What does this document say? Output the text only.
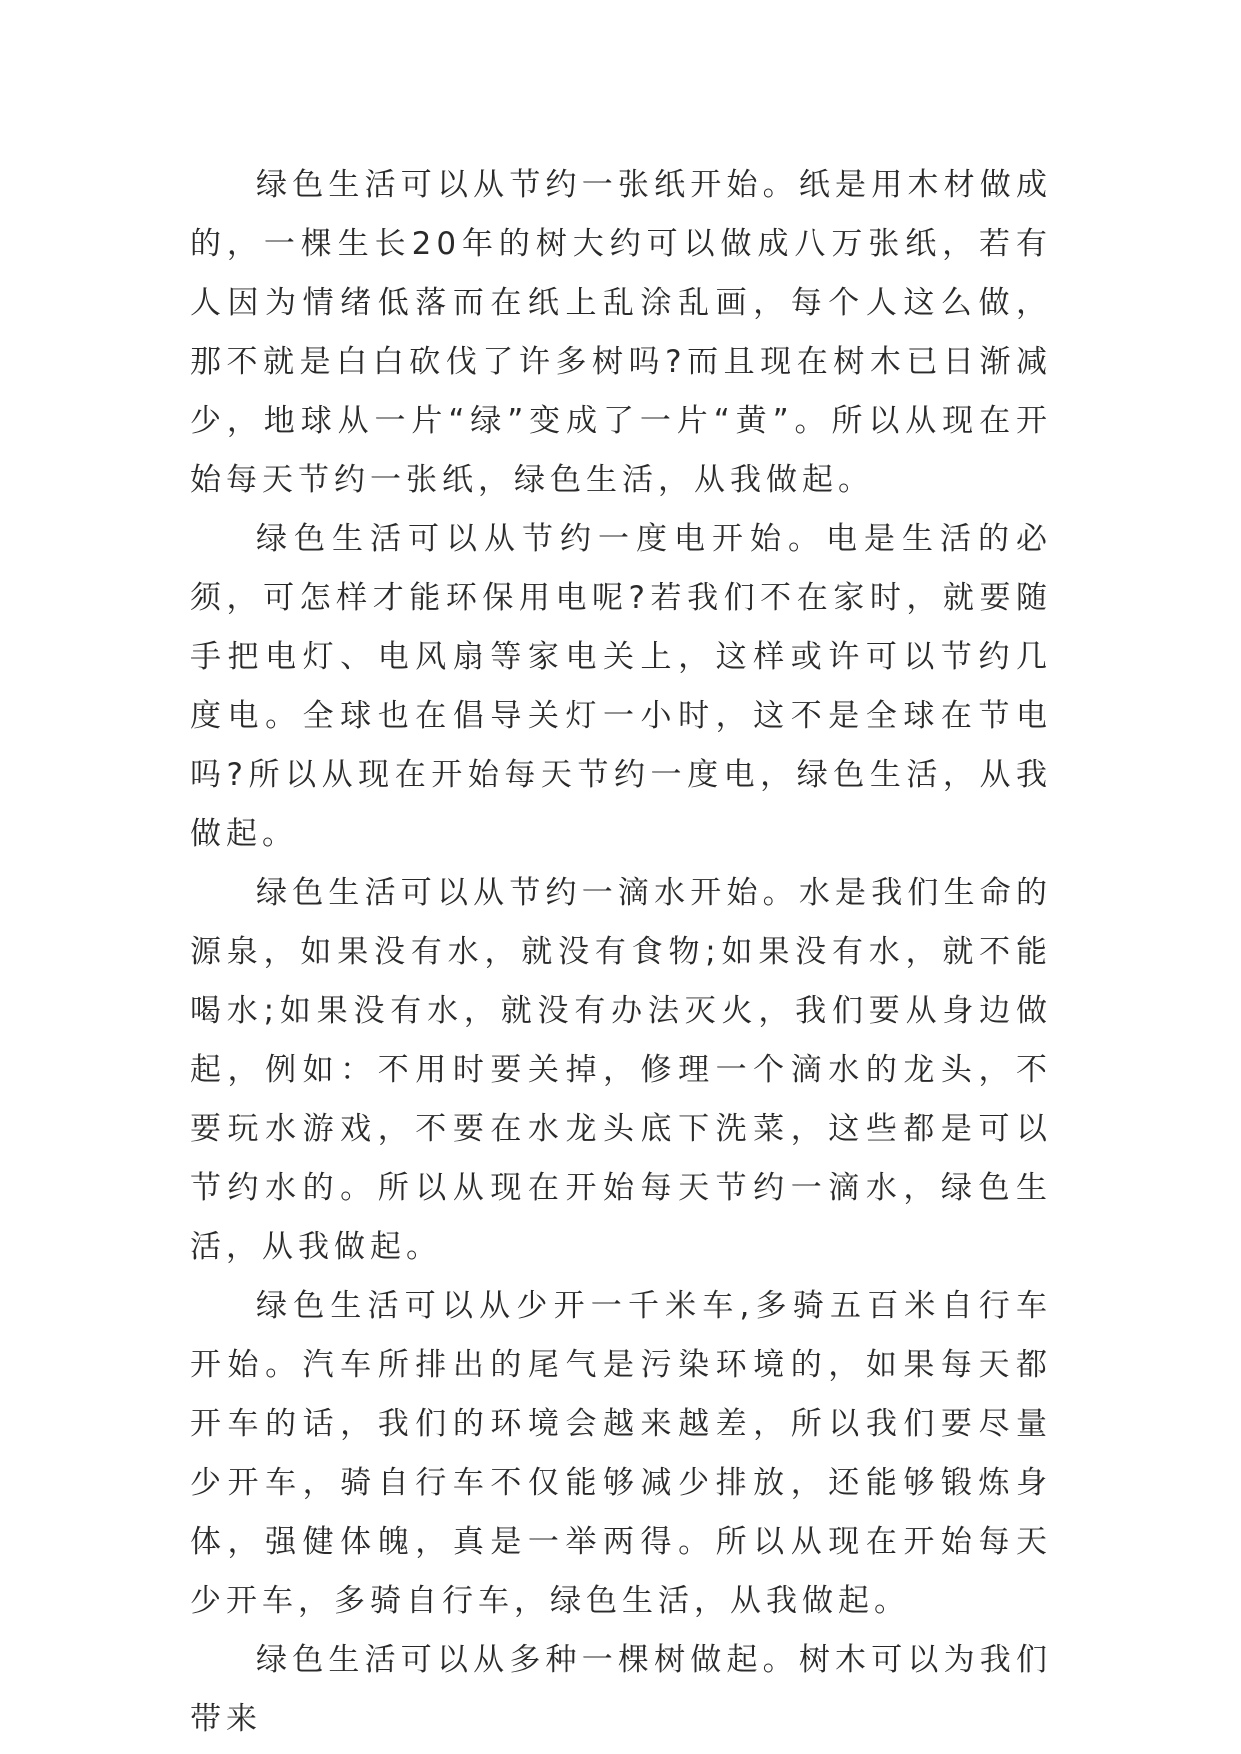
绿色生活可以从节约一张纸开始。纸是用木材做成的，一棵生长20年的树大约可以做成八万张纸，若有人因为情绪低落而在纸上乱涂乱画，每个人这么做，那不就是白白砍伐了许多树吗?而且现在树木已日渐减少，地球从一片“绿”变成了一片“黄”。所以从现在开始每天节约一张纸，绿色生活，从我做起。

绿色生活可以从节约一度电开始。电是生活的必须，可怎样才能环保用电呢?若我们不在家时，就要随手把电灯、电风扇等家电关上，这样或许可以节约几度电。全球也在倡导关灯一小时，这不是全球在节电吗?所以从现在开始每天节约一度电，绿色生活，从我做起。

绿色生活可以从节约一滴水开始。水是我们生命的源泉，如果没有水，就没有食物;如果没有水，就不能喝水;如果没有水，就没有办法灭火，我们要从身边做起，例如：不用时要关掉，修理一个滴水的龙头，不要玩水游戏，不要在水龙头底下洗菜，这些都是可以节约水的。所以从现在开始每天节约一滴水，绿色生活，从我做起。

绿色生活可以从少开一千米车,多骑五百米自行车开始。汽车所排出的尾气是污染环境的，如果每天都开车的话，我们的环境会越来越差，所以我们要尽量少开车，骑自行车不仅能够减少排放，还能够锻炼身体，强健体魄，真是一举两得。所以从现在开始每天少开车，多骑自行车，绿色生活，从我做起。

绿色生活可以从多种一棵树做起。树木可以为我们带来
